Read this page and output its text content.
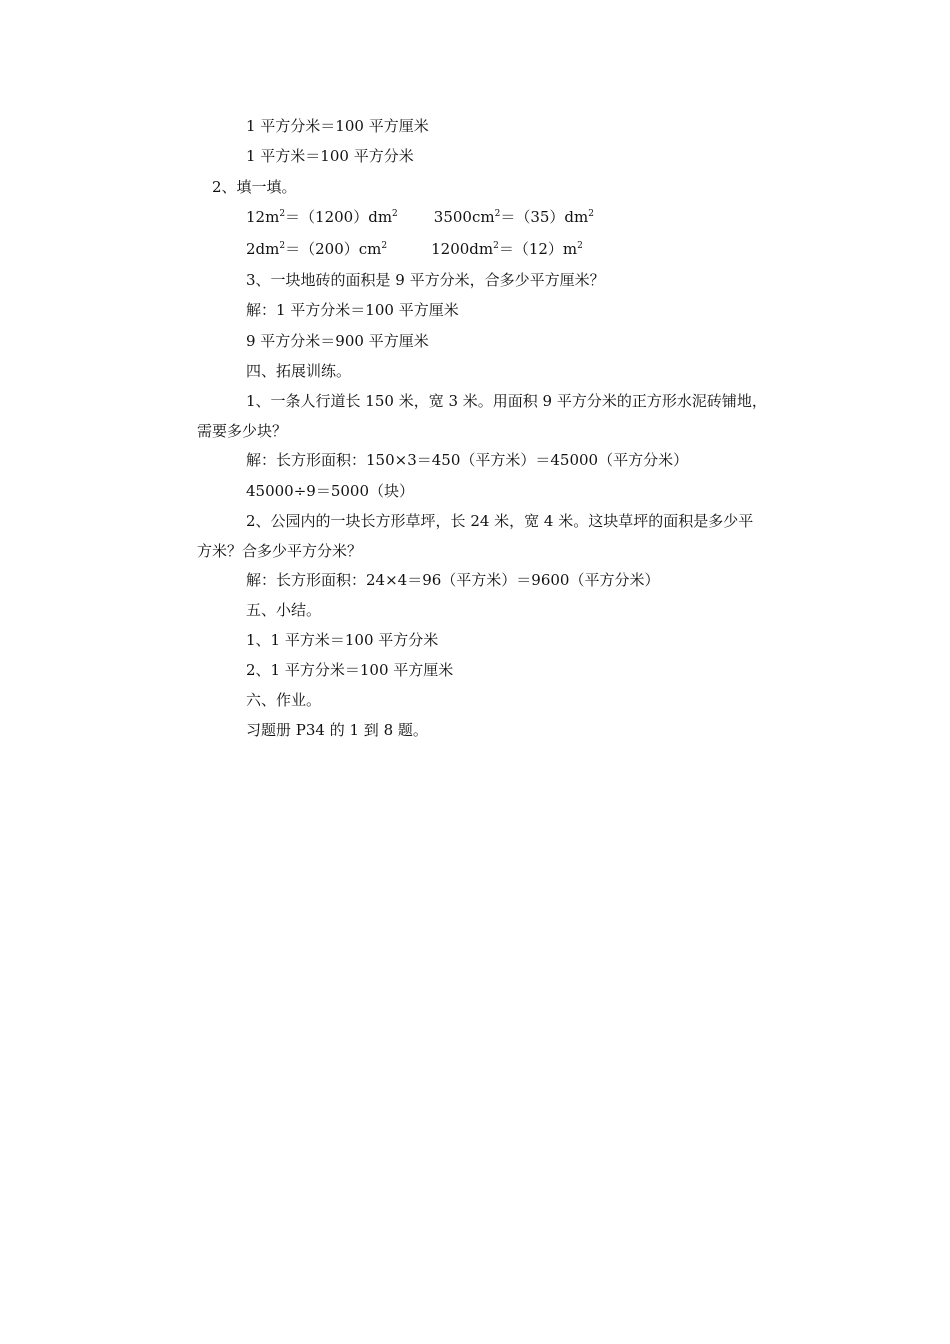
1 平方分米＝100 平方厘米
1 平方米＝100 平方分米
2、填一填。
$12m^2=(1200)dm^2$ $3500cm^2=(35)dm^2$
$2dm^2=(200)cm^2$	$1200dm^2=(12)m^2$
3、一块地砖的面积是 9 平方分米，合多少平方厘米？
解：1 平方分米＝100 平方厘米
9 平方分米＝900 平方厘米
四、拓展训练。
1、一条人行道长 150 米，宽 3 米。用面积 9 平方分米的正方形水泥砖铺地，
需要多少块？
解：长方形面积：150×3＝450（平方米）＝45000（平方分米）
45000÷9＝5000（块）
2、公园内的一块长方形草坪，长 24 米，宽 4 米。这块草坪的面积是多少平
方米？合多少平方分米？
解：长方形面积：24×4＝96（平方米）＝9600（平方分米）
五、小结。
1、1 平方米＝100 平方分米
2、1 平方分米＝100 平方厘米
六、作业。
习题册 P34 的 1 到 8 题。
